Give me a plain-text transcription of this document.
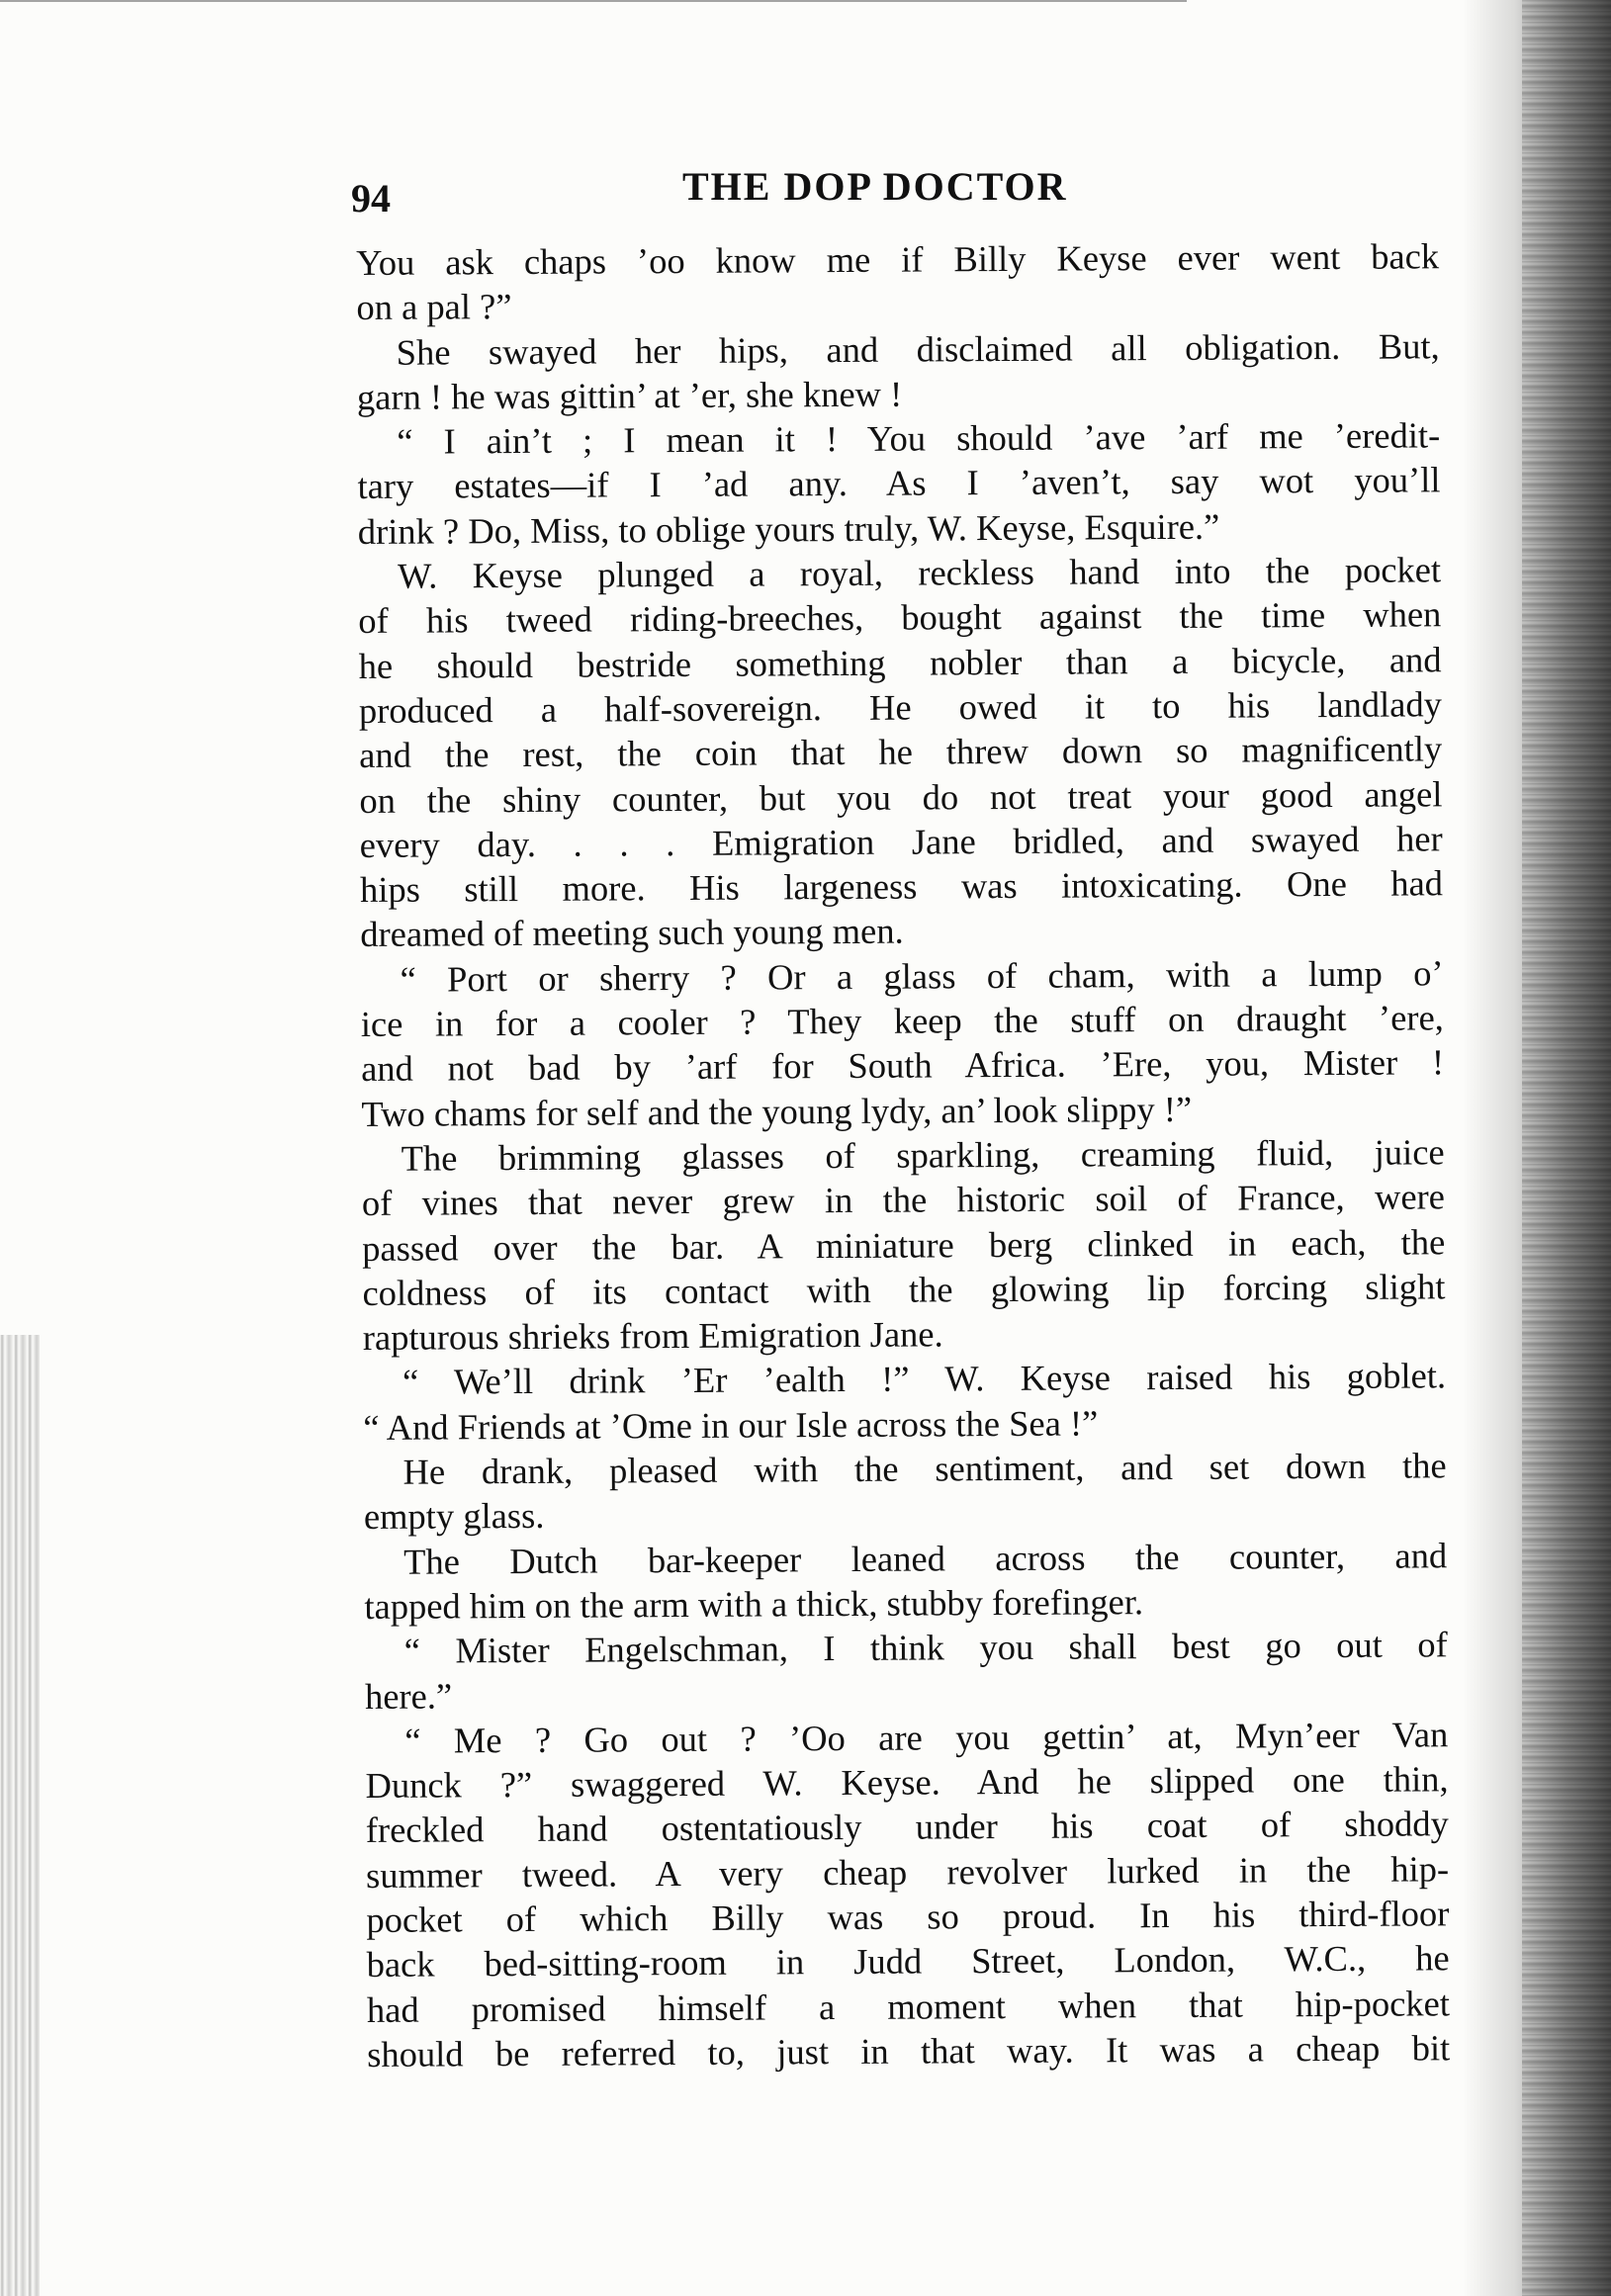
94	THE DOP DOCTOR
You ask chaps ’oo know me if Billy Keyse ever went back
on a pal ?”
She swayed her hips, and disclaimed all obligation. But,
garn ! he was gittin’ at ’er, she knew !
“ I ain’t ; I mean it ! You should ’ave ’arf me ’eredit-
tary estates—if I ’ad any. As I ’aven’t, say wot you’ll
drink ? Do, Miss, to oblige yours truly, W. Keyse, Esquire.”
W. Keyse plunged a royal, reckless hand into the pocket
of his tweed riding-breeches, bought against the time when
he should bestride something nobler than a bicycle, and
produced a half-sovereign. He owed it to his landlady
and the rest, the coin that he threw down so magnificently
on the shiny counter, but you do not treat your good angel
every day. . . . Emigration Jane bridled, and swayed her
hips still more. His largeness was intoxicating. One had
dreamed of meeting such young men.
“ Port or sherry ? Or a glass of cham, with a lump o’
ice in for a cooler ? They keep the stuff on draught ’ere,
and not bad by ’arf for South Africa. ’Ere, you, Mister !
Two chams for self and the young lydy, an’ look slippy !”
The brimming glasses of sparkling, creaming fluid, juice
of vines that never grew in the historic soil of France, were
passed over the bar. A miniature berg clinked in each, the
coldness of its contact with the glowing lip forcing slight
rapturous shrieks from Emigration Jane.
“ We’ll drink ’Er ’ealth !” W. Keyse raised his goblet.
“ And Friends at ’Ome in our Isle across the Sea !”
He drank, pleased with the sentiment, and set down the
empty glass.
The Dutch bar-keeper leaned across the counter, and
tapped him on the arm with a thick, stubby forefinger.
“ Mister Engelschman, I think you shall best go out of
here.”
“ Me ? Go out ? ’Oo are you gettin’ at, Myn’eer Van
Dunck ?” swaggered W. Keyse. And he slipped one thin,
freckled hand ostentatiously under his coat of shoddy
summer tweed. A very cheap revolver lurked in the hip-
pocket of which Billy was so proud. In his third-floor
back bed-sitting-room in Judd Street, London, W.C., he
had promised himself a moment when that hip-pocket
should be referred to, just in that way. It was a cheap bit
